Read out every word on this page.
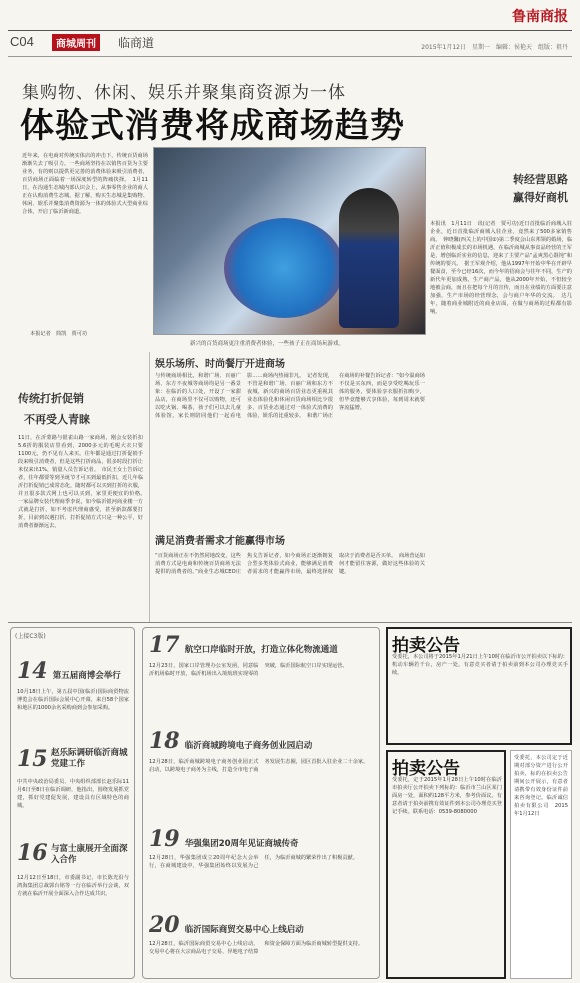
鲁南商报
C04	商城周刊	临商道	2015年1月12日　星期一　编辑：侯艳天　组版：祖丹
集购物、休闲、娱乐并聚集商资源为一体
体验式消费将成商场趋势
近年来，在电商对传统实体店的冲击下，传统百货商场渐渐失去了吸引力。一些商场坚持在以销售百货为主要业务，有的则以提供更完善的消费体验来吸引消费者，百货商场正面临着一场深度转型的阵痛抉择。　1月11日，在沟通生态城内部认识会上，从事零售企业的商人正在认购消费生态城。据了解，购买生态城是集购物、休闲、娱乐并聚集消费资源为一体的体验式大型商业综合体，开启了临沂新商道。
本报记者　简凯　贾可功
新兴的百货商场更注重消费者体验，一些孩子正在商场玩游戏。
转经营思路
赢得好商机
本报讯　1月11日　讯(记者　贾可功)近日首批临沂商城入驻企业，近日首批临沂商城入驻企业，竟然来了500多家销售商。　钟晓馨(西关上的中国②)第二季度会山东邦领的婚场，临沂正值积极成长的市场机遇，在临沂商城从事食品经营的王军是，增创临沂实业的信息，迎来了主要产品“孟爽黑心馄饨”和传统的要兴。　据王军观介绍，他从1997年开始中华在开辟早餐面食，至今已经16次，而今年的招商会与往年不同，生产的新代年更加成熟，生产商产品，他从2000年开始，不但较全地被会商，而且在把每个月的宣传，而且在业绩的方面要注意加强，生产市场的经营理念，会与商户年华的交流。　达几年，随着商业城附近的商业店面，在做与商场的过程都有影响。
传统打折促销
不再受人青睐
11日，在沂蒙路与银雀山路一家商场，刚会女装折扣5.6折的服装店里看到，2000多元的毛呢大衣只要1100元，仍不见有人来买。往年都是通过打折促销手段来吸引消费者，但是这些打折商品，很多时段打折让米仅来出1%，销量人员告诉记者。　市民王女士告诉记者，往年都要等到圣诞节才可买到最低折扣，近几年临沂打折促销已成常态化，随时都可以买到打折的衣服，并且很多款式网上也可以买到，家里更便宜的价格。　一家品牌女装代理商季李说，如今临沂银河商业楼一方式就是打折，如不考虑代理商感受，甚至新款都要打折，目前到以遇打折，打折促销方式只是一种公平，好消费者渐渐远去。
娱乐场所、时尚餐厅开进商场
与传统商场相比，和谐广场、百丽广场、东方不夜城等商场均是另一番景象：在临沂的人口处，开设了一家甜品店，在商场里不仅可以购物，还可以吃火锅、喝茶，孩子们可以去儿童体验馆，家长则陪同他们一起看电影……商场内热闹非凡。　记者发现，不管是和谐广场、百丽广场和东方不夜城，新兴的商场百货业态更重视其业态体验化和休闲百货商场相比少很多，百货业态通过对一体验式消费的体验，娱乐的比重较多。　和谐广场正在商场的补餐告诉记者：“如今温商场不仅是买东西，而是享受吃喝玩乐一体的服务，要体验享衣服折扣购少，但毕竟能够式享体验，每到周末就要客流猛增。
满足消费者需求才能赢得市场
“百货商场正在不仍然同地改变，这些消费方式是电商和传统百货商场无法提供的消费者的。”商业生态城CEO庄焦戈告诉记者，如今商场正逐渐朝复合型多类体验式商业，能够满足消费者需求的才能赢得市场，最终选择权取决于消费者是否买单。　商场营运如何才能留住客源，做好这些体验的关键。
(上接C3版)
14 第五届商博会举行
10月18日上午，第五届中国(临沂)国际商贸物流博览会在临沂国际会展中心开幕，来自58个国家和地区的1000余名采购商到会参加采购。
15 赵乐际调研临沂商城党建工作
中共中央政治局委员、中央组织部部长赵乐际11月6日至8日在临沂调研，他指出，围绕发展抓党建，抓好党建促发展，建设具有区域特色的商城。
16 与富士康展开全面深入合作
12月12日至18日，市委副书记、市长陈光沿与鸿海集团总裁郭台铭等一行在临沂举行会谈，双方就在临沂开展全面深入合作达成共识。
17 航空口岸临时开放，打造立体化物流通道
12月23日，国家口岸管理办公室发函，同意临沂机场临时开放，临沂机场出入境航班实现零的突破，临沂国际航空口岸实现运营。
18 临沂商城跨境电子商务创业园启动
12月28日，临沂商城跨境电子商务创业园正式启动，以跨境电子商务为主线，打造全市电子商务发展生态圈，园区首批入驻企业二十余家。
19 华强集团20周年见证商城传奇
12月28日，华强集团成立20周年纪念大会举行，在商城建设中，华强集团始终以发展为己任，为临沂商城的繁荣作出了积极贡献。
20 临沂国际商贸交易中心上线启动
12月28日，临沂国际商贸交易中心上线启动，交易中心将在大宗商品电子交易、异地电子结算和资金保障方面为临沂商城转型提供支持。
拍卖公告
受委托，本公司将于2015年1月21日上午10时在临沂市公开拍卖以下标的：机动车辆若干台，房产一处。有意竞买者请于拍卖前到本公司办理竞买手续。
拍卖公告
受委托，定于2015年1月28日上午10时在临沂市拍卖厅公开拍卖下列标的：临沂市兰山区某门面房一处，面积约128平方米，参考价面议。有意者请于拍卖前携有效证件到本公司办理竞买登记手续。联系电话：0539-8080000
受委托，本公司定于近期对部分资产进行公开拍卖，标的在拍卖公告期间公开展示，有意者请携带有效身份证件前来咨询登记。临沂诚信拍卖有限公司　2015年1月12日
